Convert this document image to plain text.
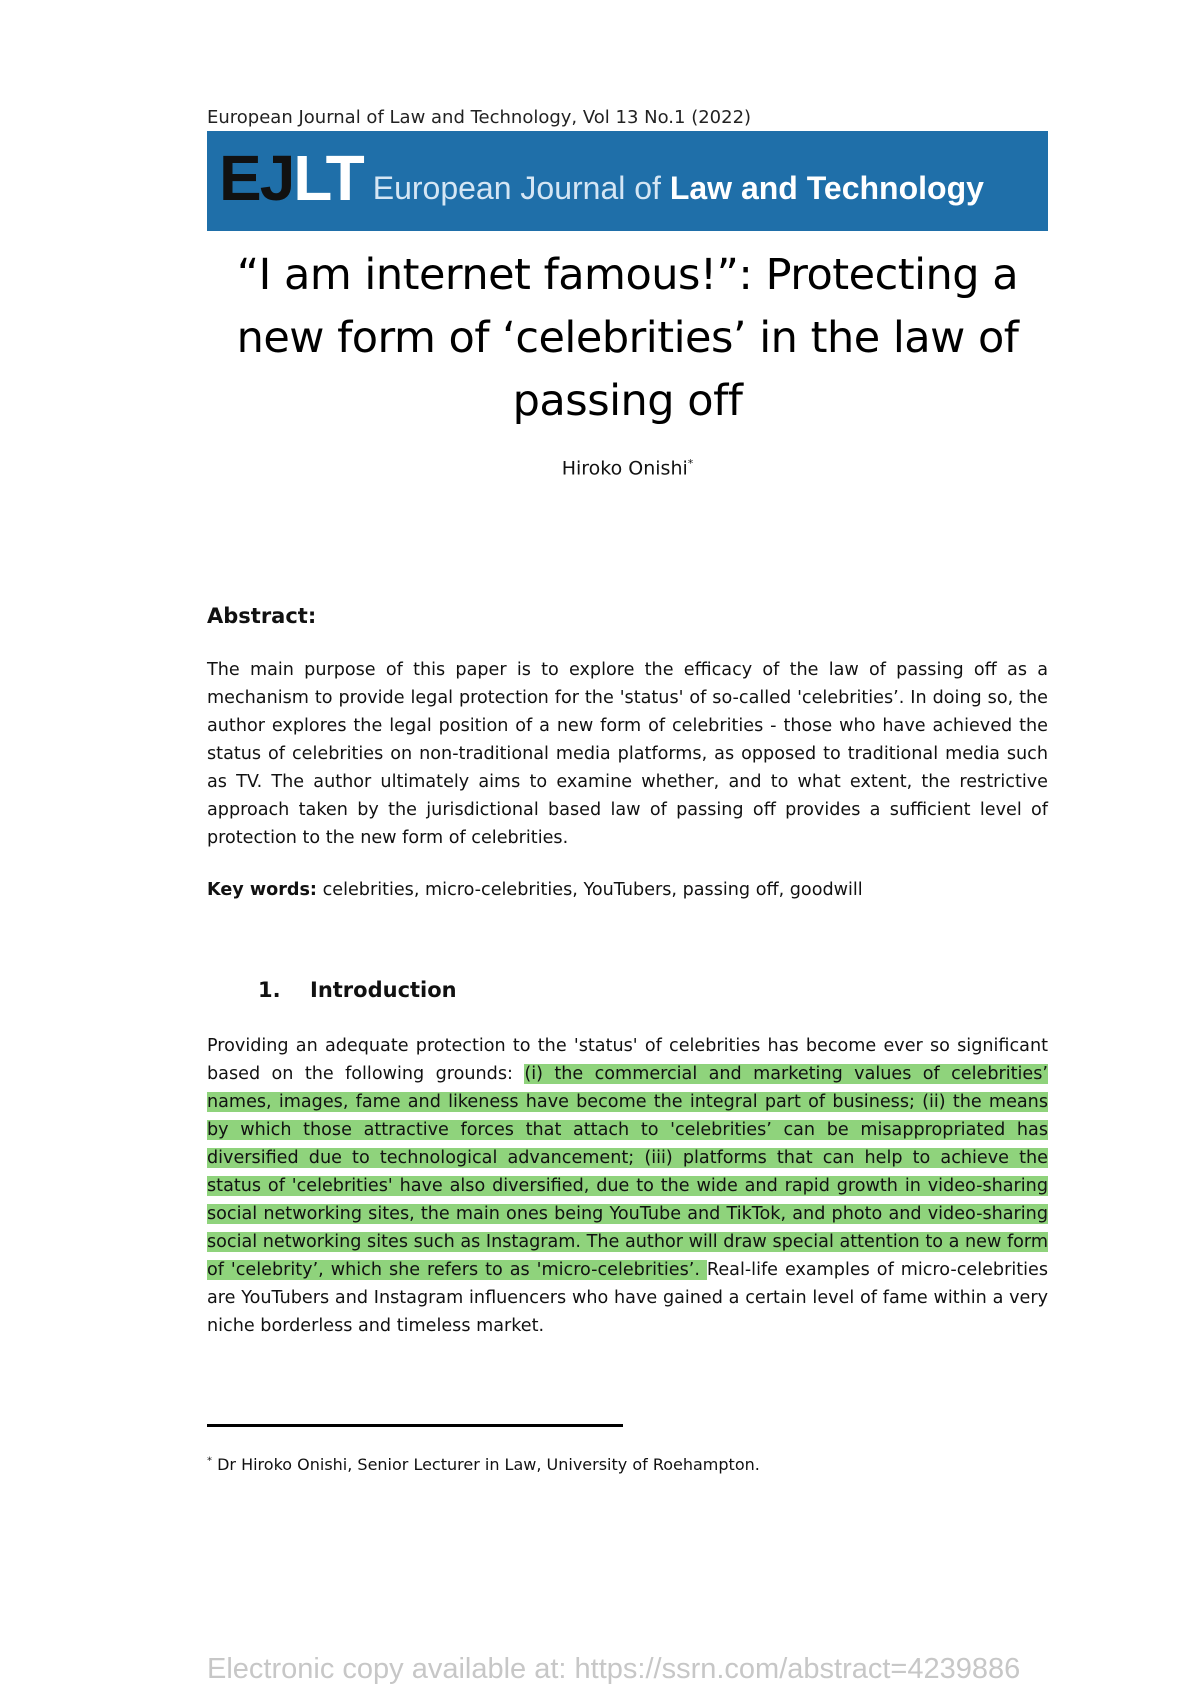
European Journal of Law and Technology, Vol 13 No.1 (2022)
EJLT European Journal of Law and Technology
“I am internet famous!”: Protecting a
new form of ‘celebrities’ in the law of
passing off
Hiroko Onishi*
Abstract:
The main purpose of this paper is to explore the efficacy of the law of passing off as a mechanism to provide legal protection for the 'status' of so-called 'celebrities’. In doing so, the author explores the legal position of a new form of celebrities - those who have achieved the status of celebrities on non-traditional media platforms, as opposed to traditional media such as TV. The author ultimately aims to examine whether, and to what extent, the restrictive approach taken by the jurisdictional based law of passing off provides a sufficient level of protection to the new form of celebrities.
Key words: celebrities, micro-celebrities, YouTubers, passing off, goodwill
1. Introduction
Providing an adequate protection to the 'status' of celebrities has become ever so significant based on the following grounds: (i) the commercial and marketing values of celebrities’ names, images, fame and likeness have become the integral part of business; (ii) the means by which those attractive forces that attach to 'celebrities’ can be misappropriated has diversified due to technological advancement; (iii) platforms that can help to achieve the status of 'celebrities' have also diversified, due to the wide and rapid growth in video-sharing social networking sites, the main ones being YouTube and TikTok, and photo and video-sharing social networking sites such as Instagram. The author will draw special attention to a new form of 'celebrity’, which she refers to as 'micro-celebrities’. Real-life examples of micro-celebrities are YouTubers and Instagram influencers who have gained a certain level of fame within a very niche borderless and timeless market.
* Dr Hiroko Onishi, Senior Lecturer in Law, University of Roehampton.
Electronic copy available at: https://ssrn.com/abstract=4239886
